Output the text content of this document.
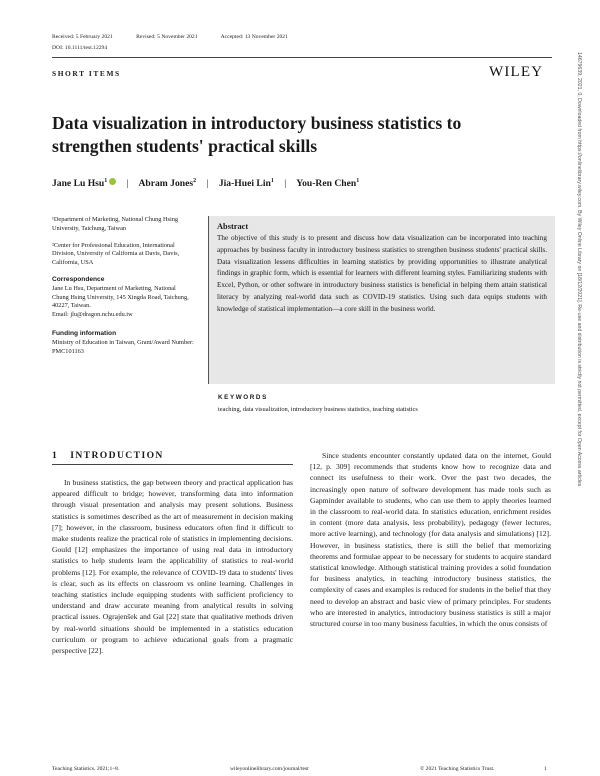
Received: 5 February 2021	Revised: 5 November 2021	Accepted: 13 November 2021
DOI: 10.1111/test.12294
SHORT ITEMS	WILEY	14679639, 2021, 0, Downloaded from https://onlinelibrary.wiley.com. By Wiley Online Library on [18/12/2021]. Re-use and distribution is strictly not permitted, except for Open Access articles
Data visualization in introductory business statistics to strengthen students' practical skills
Jane Lu Hsu$^1$ | Abram Jones$^2$ | Jia-Huei Lin$^1$ | You-Ren Chen$^1$
¹Department of Marketing, National Chung Hsing University, Taichung, Taiwan
²Center for Professional Education, International Division, University of California at Davis, Davis, California, USA
Correspondence
Jane Lu Hsu, Department of Marketing, National Chung Hsing University, 145 Xingda Road, Taichung, 40227, Taiwan.
Email: jlu@dragon.nchu.edu.tw
Funding information
Ministry of Education in Taiwan, Grant/Award Number: PMC101163
Abstract
The objective of this study is to present and discuss how data visualization can be incorporated into teaching approaches by business faculty in introductory business statistics to strengthen business students' practical skills. Data visualization lessens difficulties in learning statistics by providing opportunities to illustrate analytical findings in graphic form, which is essential for learners with different learning styles. Familiarizing students with Excel, Python, or other software in introductory business statistics is beneficial in helping them attain statistical literacy by analyzing real-world data such as COVID-19 statistics. Using such data equips students with knowledge of statistical implementation—a core skill in the business world.
KEYWORDS
teaching, data visualization, introductory business statistics, teaching statistics
1 INTRODUCTION

In business statistics, the gap between theory and practical application has appeared difficult to bridge; however, transforming data into information through visual presentation and analysis may present solutions. Business statistics is sometimes described as the art of measurement in decision making [7]; however, in the classroom, business educators often find it difficult to make students realize the practical role of statistics in implementing decisions. Gould [12] emphasizes the importance of using real data in introductory statistics to help students learn the applicability of statistics to real-world problems [12]. For example, the relevance of COVID-19 data to students' lives is clear, such as its effects on classroom vs online learning. Challenges in teaching statistics include equipping students with sufficient proficiency to understand and draw accurate meaning from analytical results in solving practical issues. Ograjenšek and Gal [22] state that qualitative methods driven by real-world situations should be implemented in a statistics education curriculum or program to achieve educational goals from a pragmatic perspective [22].

Since students encounter constantly updated data on the internet, Gould [12, p. 309] recommends that students know how to recognize data and connect its usefulness to their work. Over the past two decades, the increasingly open nature of software development has made tools such as Gapminder available to students, who can use them to apply theories learned in the classroom to real-world data. In statistics education, enrichment resides in content (more data analysis, less probability), pedagogy (fewer lectures, more active learning), and technology (for data analysis and simulations) [12]. However, in business statistics, there is still the belief that memorizing theorems and formulae appear to be necessary for students to acquire standard statistical knowledge. Although statistical training provides a solid foundation for business analytics, in teaching introductory business statistics, the complexity of cases and examples is reduced for students in the belief that they need to develop an abstract and basic view of primary principles. For students who are interested in analytics, introductory business statistics is still a major structured course in too many business faculties, in which the onus consists of

Teaching Statistics. 2021;1–8.	wileyonlinelibrary.com/journal/test	© 2021 Teaching Statistics Trust.	1
